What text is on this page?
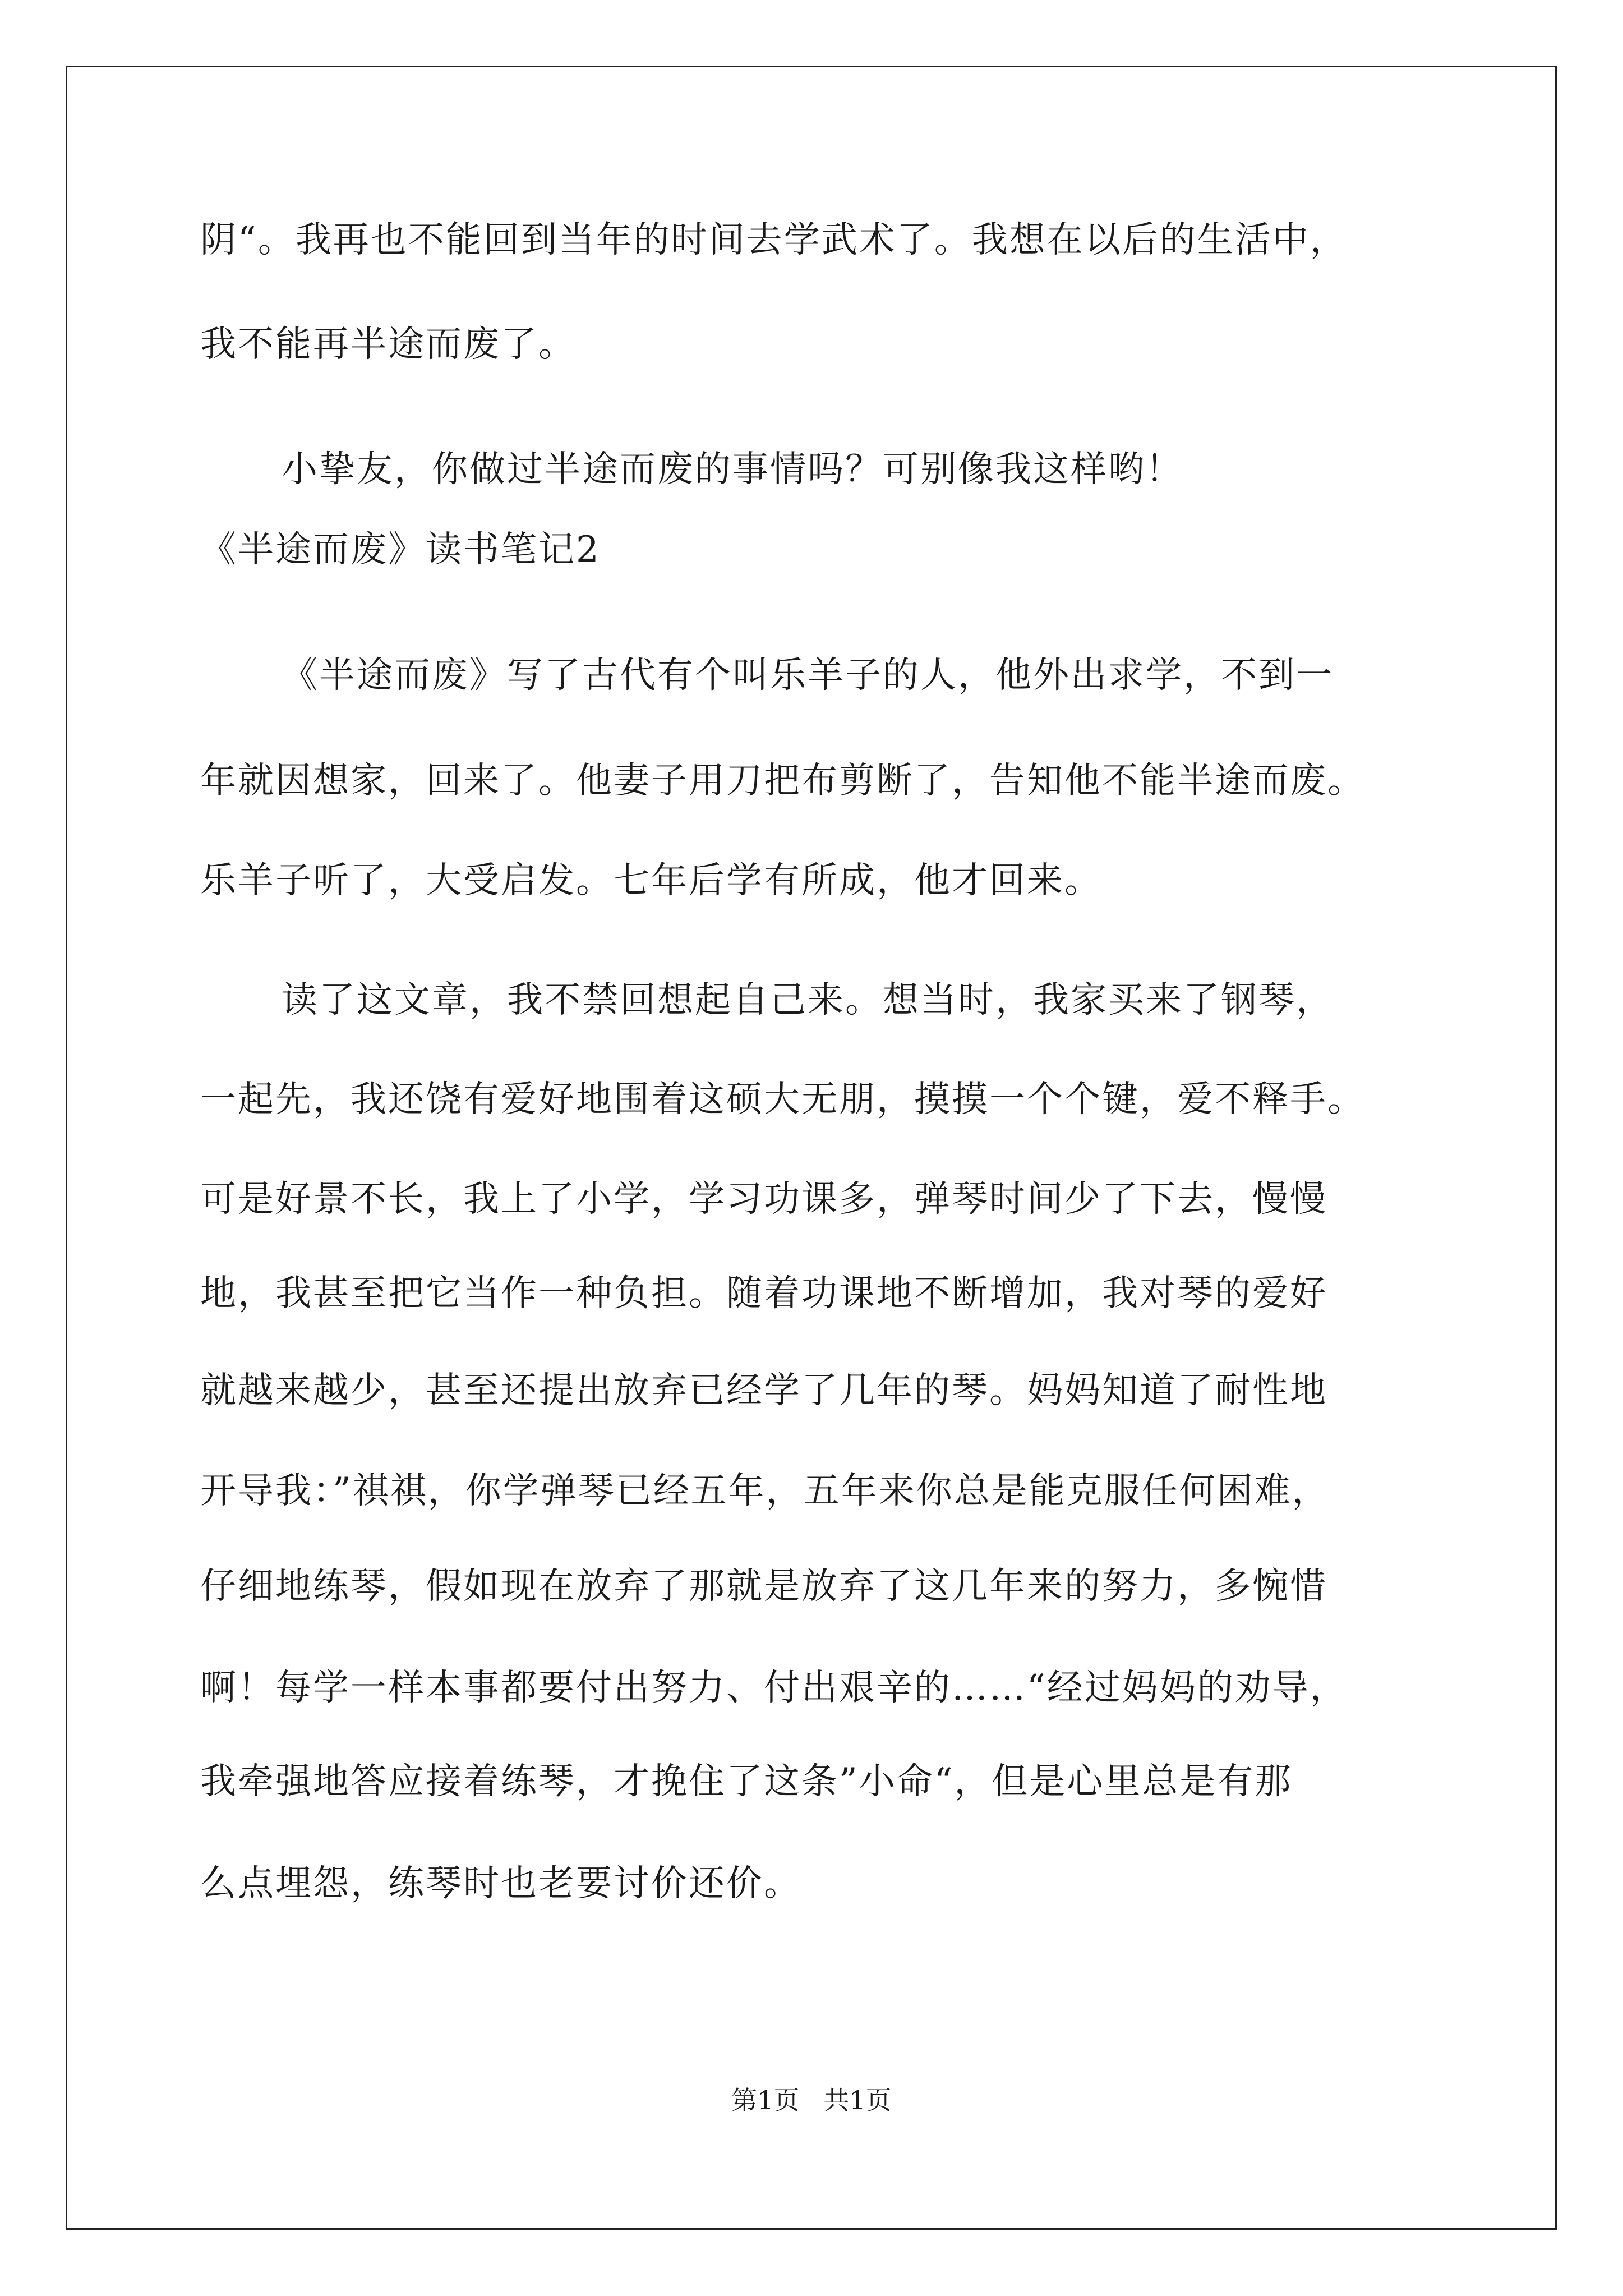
阴“。我再也不能回到当年的时间去学武术了。我想在以后的生活中，
我不能再半途而废了。
小挚友，你做过半途而废的事情吗？可别像我这样哟！
《半途而废》读书笔记2
《半途而废》写了古代有个叫乐羊子的人，他外出求学，不到一
年就因想家，回来了。他妻子用刀把布剪断了，告知他不能半途而废。
乐羊子听了，大受启发。七年后学有所成，他才回来。
读了这文章，我不禁回想起自己来。想当时，我家买来了钢琴，
一起先，我还饶有爱好地围着这硕大无朋，摸摸一个个键，爱不释手。
可是好景不长，我上了小学，学习功课多，弹琴时间少了下去，慢慢
地，我甚至把它当作一种负担。随着功课地不断增加，我对琴的爱好
就越来越少，甚至还提出放弃已经学了几年的琴。妈妈知道了耐性地
开导我：”祺祺，你学弹琴已经五年，五年来你总是能克服任何困难，
仔细地练琴，假如现在放弃了那就是放弃了这几年来的努力，多惋惜
啊！每学一样本事都要付出努力、付出艰辛的……“经过妈妈的劝导，
我牵强地答应接着练琴，才挽住了这条”小命“，但是心里总是有那
么点埋怨，练琴时也老要讨价还价。
第1页 共1页
